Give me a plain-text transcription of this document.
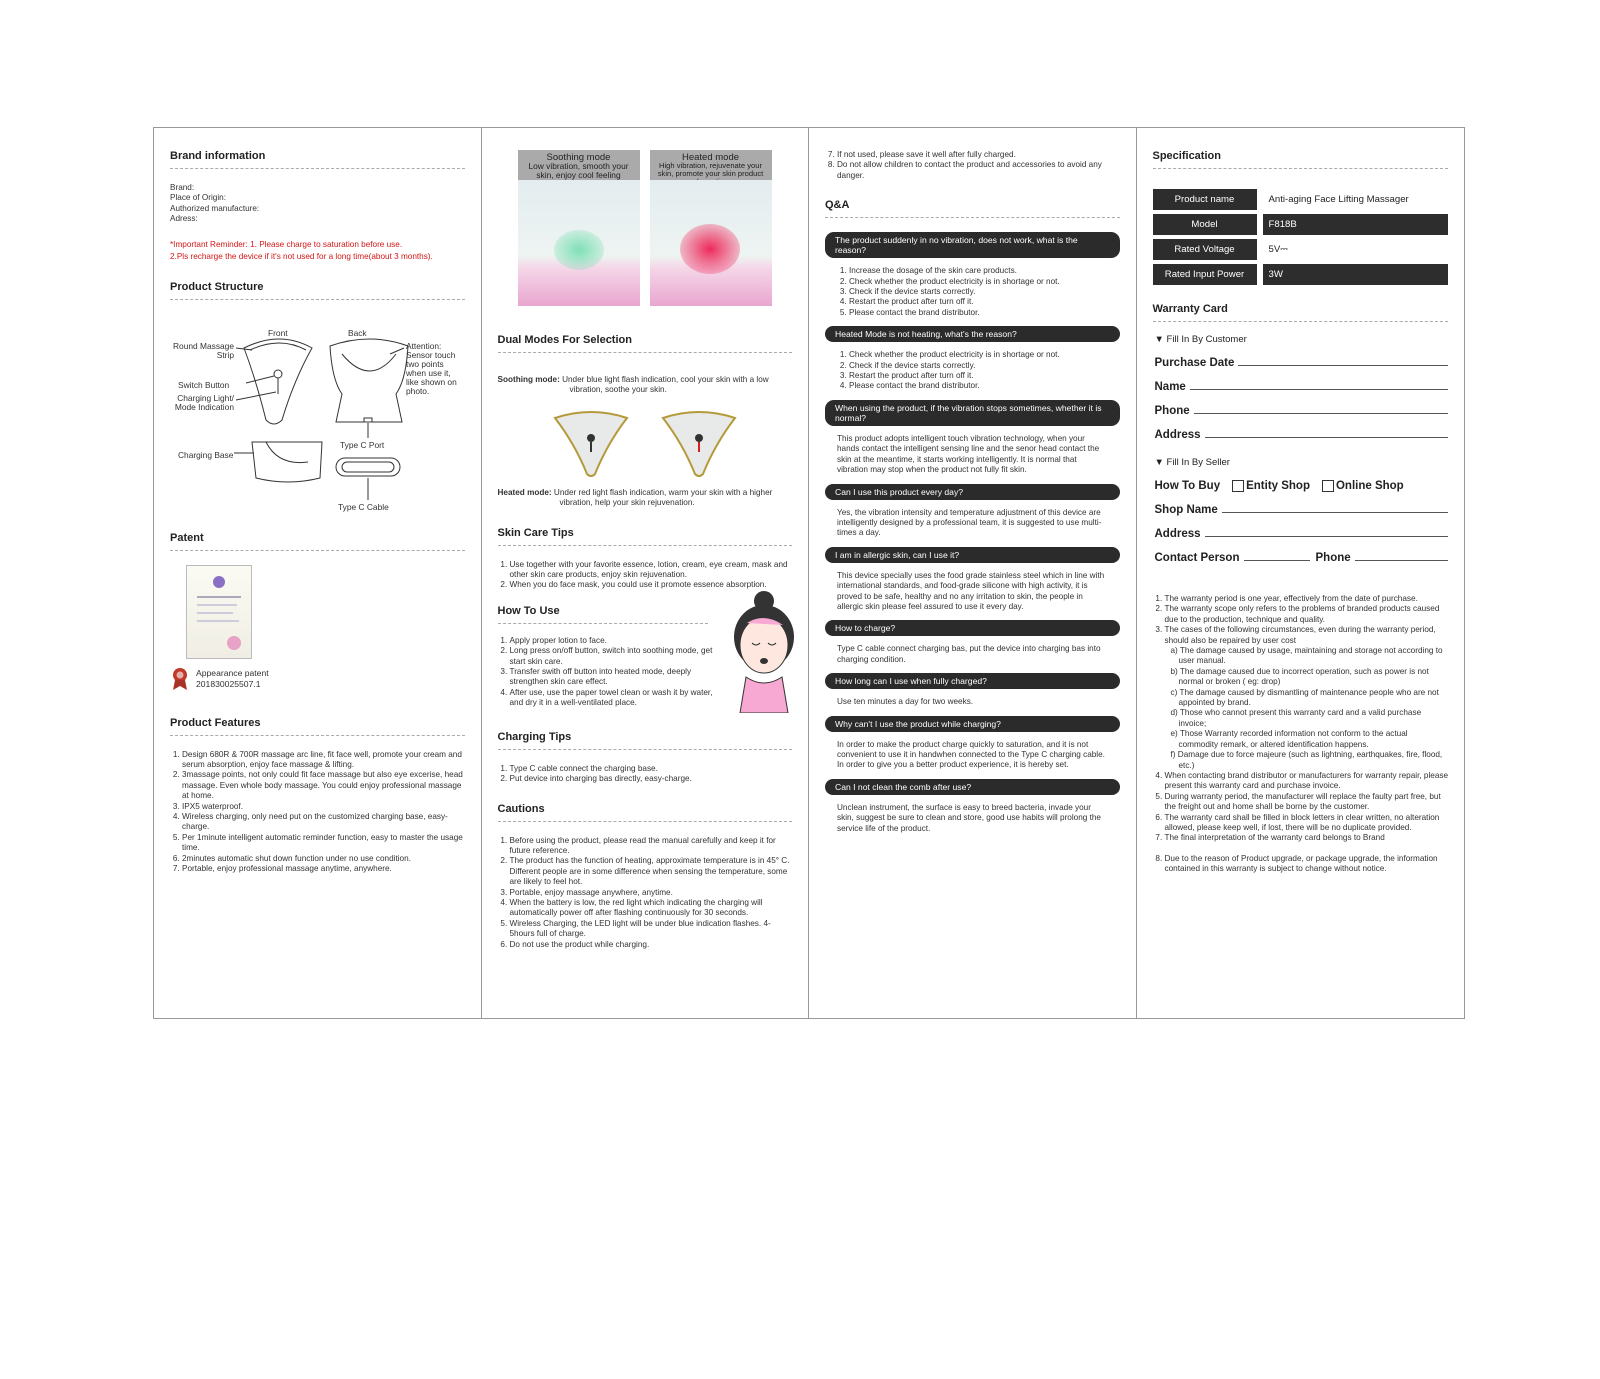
Brand information
Brand:
Place of Origin:
Authorized manufacture:
Adress:
*Important Reminder: 1. Please charge to saturation before use.
2.Pls recharge the device if it's not used for a long time(about 3 months).
Product Structure
Front	Back
Round Massage Strip
Switch Button
Charging Light/ Mode Indication
Charging Base
Attention: Sensor touch two points when use it, like shown on photo.
Type C Port
Type C Cable
Patent
Appearance patent
201830025507.1
Product Features
1. Design 680R & 700R massage arc line, fit face well, promote your cream and serum absorption, enjoy face massage & lifting.
2. 3massage points, not only could fit face massage but also eye excerise, head massage. Even whole body massage. You could enjoy professional massage at home.
3. IPX5 waterproof.
4. Wireless charging, only need put on the customized charging base, easy-charge.
5. Per 1minute intelligent automatic reminder function, easy to master the usage time.
6. 2minutes automatic shut down function under no use condition.
7. Portable, enjoy professional massage anytime, anywhere.
Soothing mode
Low vibration, smooth your skin, enjoy cool feeling
Heated mode
High vibration, rejuvenate your skin, promote your skin product
Dual Modes For Selection
Soothing mode: Under blue light flash indication, cool your skin with a low vibration, soothe your skin.
Heated mode: Under red light flash indication, warm your skin with a higher vibration, help your skin rejuvenation.
Skin Care Tips
1. Use together with your favorite essence, lotion, cream, eye cream, mask and other skin care products, enjoy skin rejuvenation.
2. When you do face mask, you could use it promote essence absorption.
How To Use
1. Apply proper lotion to face.
2. Long press on/off button, switch into soothing mode, get start skin care.
3. Transfer swith off button into heated mode, deeply strengthen skin care effect.
4. After use, use the paper towel clean or wash it by water, and dry it in a well-ventilated place.
Charging Tips
1. Type C cable connect the charging base.
2. Put device into charging bas directly, easy-charge.
Cautions
1. Before using the product, please read the manual carefully and keep it for future reference.
2. The product has the function of heating, approximate temperature is in 45° C. Different people are in some difference when sensing the temperature, some are likely to feel hot.
3. Portable, enjoy massage anywhere, anytime.
4. When the battery is low, the red light which indicating the charging will automatically power off after flashing continuously for 30 seconds.
5. Wireless Charging, the LED light will be under blue indication flashes. 4-5hours full of charge.
6. Do not use the product while charging.
7. If not used, please save it well after fully charged.
8. Do not allow children to contact the product and accessories to avoid any danger.
Q&A
The product suddenly in no vibration, does not work, what is the reason?
1. Increase the dosage of the skin care products.
2. Check whether the product electricity is in shortage or not.
3. Check if the device starts correctly.
4. Restart the product after turn off it.
5. Please contact the brand distributor.
Heated Mode is not heating, what's the reason?
1. Check whether the product electricity is in shortage or not.
2. Check if the device starts correctly.
3. Restart the product after turn off it.
4. Please contact the brand distributor.
When using the product, if the vibration stops sometimes, whether it is normal?
This product adopts intelligent touch vibration technology, when your hands contact the intelligent sensing line and the senor head contact the skin at the meantime, it starts working intelligently. It is normal that vibration may stop when the product not fully fit skin.
Can I use this product every day?
Yes, the vibration intensity and temperature adjustment of this device are intelligently designed by a professional team, it is suggested to use multi-times a day.
I am in allergic skin, can I use it?
This device specially uses the food grade stainless steel which in line with international standards, and food-grade silicone with high activity, it is proved to be safe, healthy and no any irritation to skin, the people in allergic skin please feel assured to use it every day.
How to charge?
Type C cable connect charging bas, put the device into charging bas into charging condition.
How long can I use when fully charged?
Use ten minutes a day for two weeks.
Why can't I use the product while charging?
In order to make the product charge quickly to saturation, and it is not convenient to use it in handwhen connected to the Type C charging cable. In order to give you a better product experience, it is hereby set.
Can I not clean the comb after use?
Unclean instrument, the surface is easy to breed bacteria, invade your skin, suggest be sure to clean and store, good use habits will prolong the service life of the product.
Specification
Product name	Anti-aging Face Lifting Massager
Model	F818B
Rated Voltage	5V⎓
Rated Input Power	3W
Warranty Card
▼ Fill In By Customer
Purchase Date
Name
Phone
Address
▼ Fill In By Seller
How To Buy Entity Shop Online Shop
Shop Name
Address
Contact Person	Phone
1. The warranty period is one year, effectively from the date of purchase.
2. The warranty scope only refers to the problems of branded products caused due to the production, technique and quality.
3. The cases of the following circumstances, even during the warranty period, should also be repaired by user cost
a) The damage caused by usage, maintaining and storage not according to user manual.
b) The damage caused due to incorrect operation, such as power is not normal or broken ( eg: drop)
c) The damage caused by dismantling of maintenance people who are not appointed by brand.
d) Those who cannot present this warranty card and a valid purchase invoice;
e) Those Warranty recorded information not conform to the actual commodity remark, or altered identification happens.
f) Damage due to force majeure (such as lightning, earthquakes, fire, flood, etc.)
4. When contacting brand distributor or manufacturers for warranty repair, please present this warranty card and purchase invoice.
5. During warranty period, the manufacturer will replace the faulty part free, but the freight out and home shall be borne by the customer.
6. The warranty card shall be filled in block letters in clear written, no alteration allowed, please keep well, if lost, there will be no duplicate provided.
7. The final interpretation of the warranty card belongs to Brand
8. Due to the reason of Product upgrade, or package upgrade, the information contained in this warranty is subject to change without notice.
